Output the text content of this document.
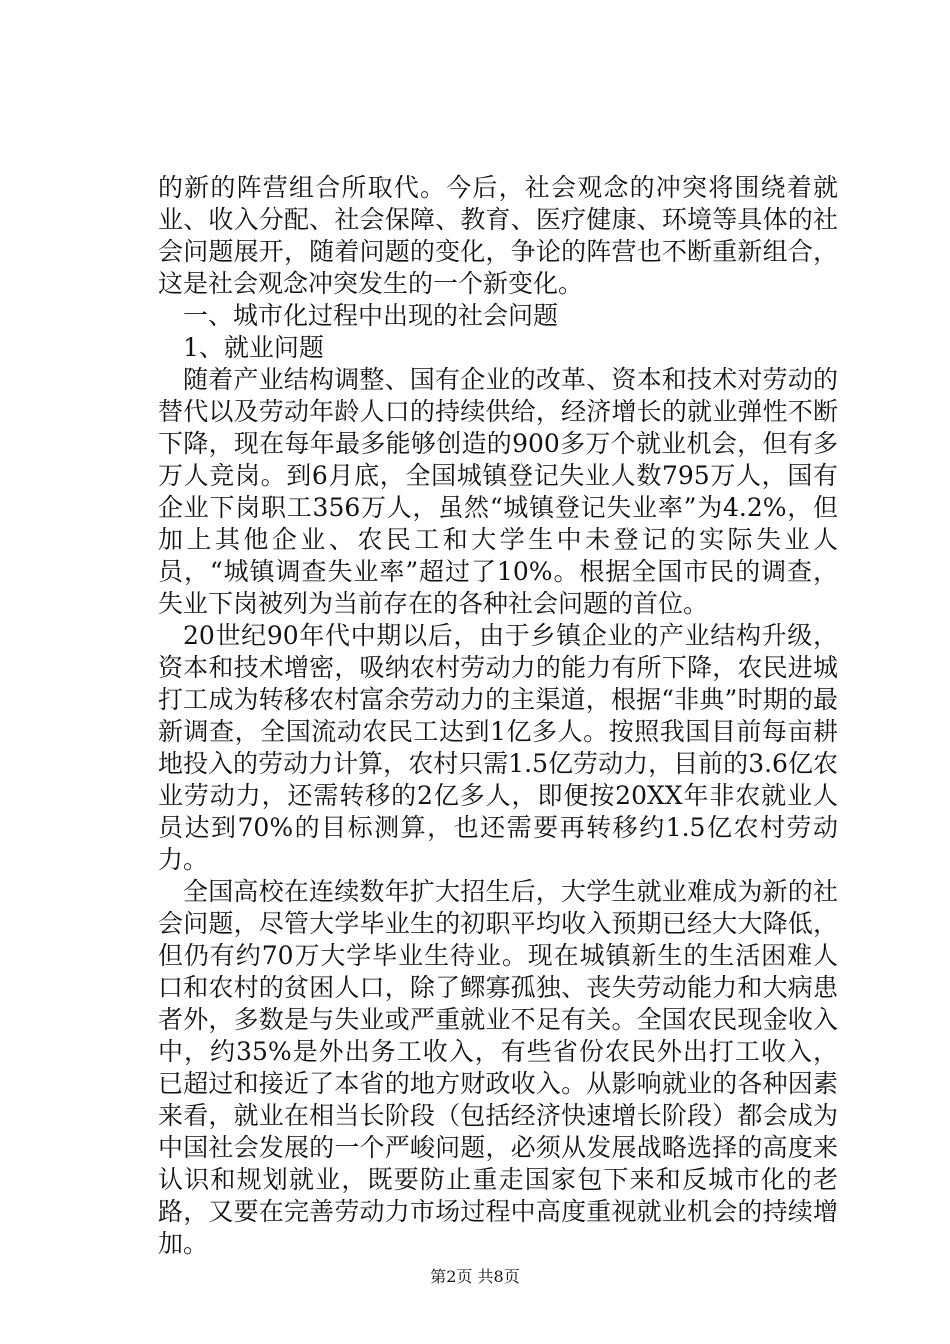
的新的阵营组合所取代。今后，社会观念的冲突将围绕着就业、收入分配、社会保障、教育、医疗健康、环境等具体的社会问题展开，随着问题的变化，争论的阵营也不断重新组合，这是社会观念冲突发生的一个新变化。

一、城市化过程中出现的社会问题

1、就业问题

随着产业结构调整、国有企业的改革、资本和技术对劳动的替代以及劳动年龄人口的持续供给，经济增长的就业弹性不断下降，现在每年最多能够创造的900多万个就业机会，但有多万人竞岗。到6月底，全国城镇登记失业人数795万人，国有企业下岗职工356万人，虽然“城镇登记失业率”为4.2%，但加上其他企业、农民工和大学生中未登记的实际失业人员，“城镇调查失业率”超过了10%。根据全国市民的调查，失业下岗被列为当前存在的各种社会问题的首位。

20世纪90年代中期以后，由于乡镇企业的产业结构升级，资本和技术增密，吸纳农村劳动力的能力有所下降，农民进城打工成为转移农村富余劳动力的主渠道，根据“非典”时期的最新调查，全国流动农民工达到1亿多人。按照我国目前每亩耕地投入的劳动力计算，农村只需1.5亿劳动力，目前的3.6亿农业劳动力，还需转移的2亿多人，即便按20XX年非农就业人员达到70%的目标测算，也还需要再转移约1.5亿农村劳动力。

全国高校在连续数年扩大招生后，大学生就业难成为新的社会问题，尽管大学毕业生的初职平均收入预期已经大大降低，但仍有约70万大学毕业生待业。现在城镇新生的生活困难人口和农村的贫困人口，除了鳏寡孤独、丧失劳动能力和大病患者外，多数是与失业或严重就业不足有关。全国农民现金收入中，约35%是外出务工收入，有些省份农民外出打工收入，已超过和接近了本省的地方财政收入。从影响就业的各种因素来看，就业在相当长阶段（包括经济快速增长阶段）都会成为中国社会发展的一个严峻问题，必须从发展战略选择的高度来认识和规划就业，既要防止重走国家包下来和反城市化的老路，又要在完善劳动力市场过程中高度重视就业机会的持续增加。

第2页 共8页
